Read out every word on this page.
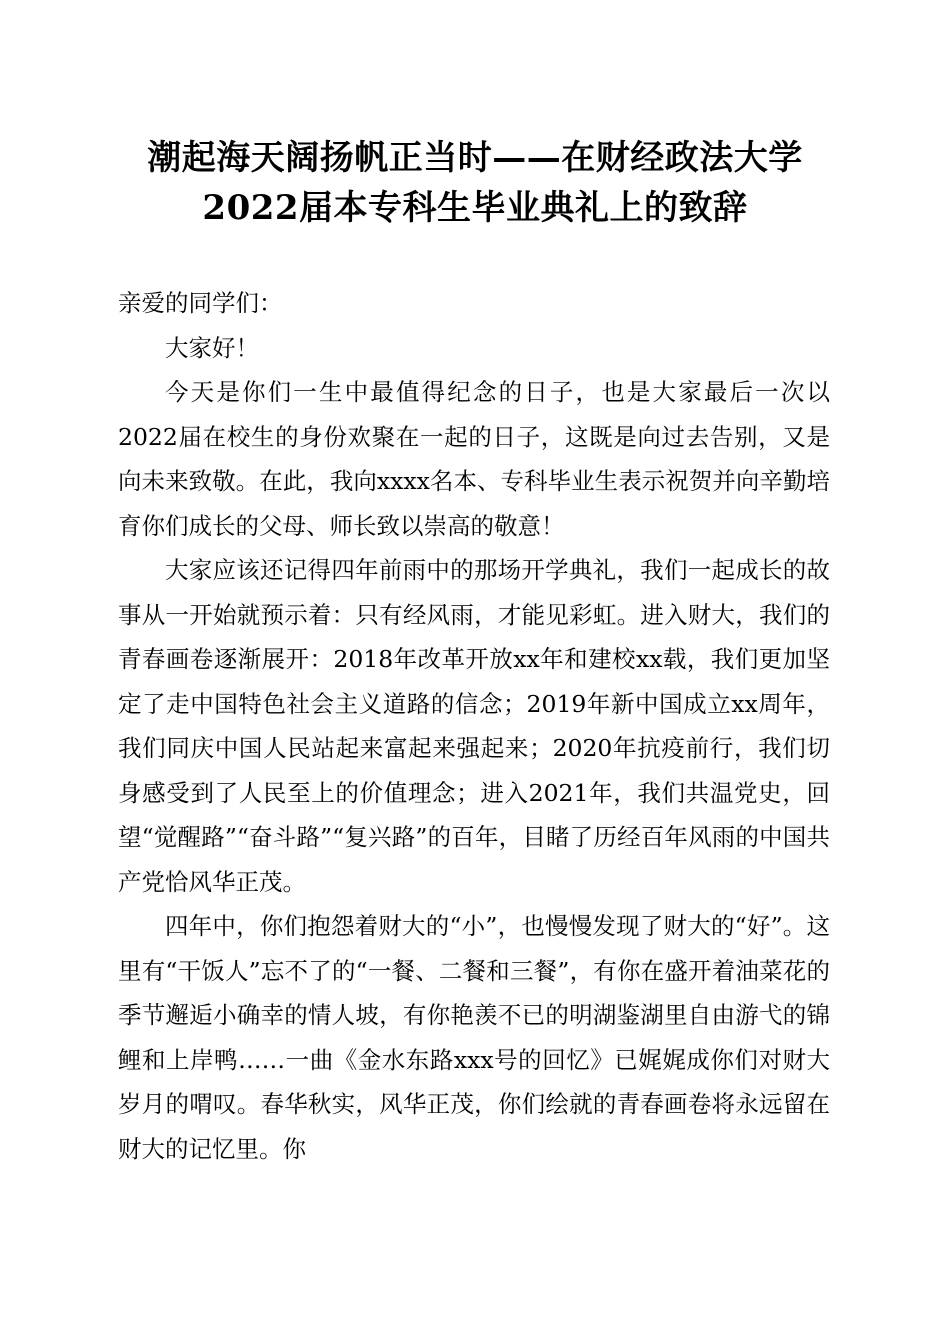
潮起海天阔扬帆正当时——在财经政法大学
2022届本专科生毕业典礼上的致辞

亲爱的同学们：

大家好！

今天是你们一生中最值得纪念的日子，也是大家最后一次以2022届在校生的身份欢聚在一起的日子，这既是向过去告别，又是向未来致敬。在此，我向xxxx名本、专科毕业生表示祝贺并向辛勤培育你们成长的父母、师长致以崇高的敬意！

大家应该还记得四年前雨中的那场开学典礼，我们一起成长的故事从一开始就预示着：只有经风雨，才能见彩虹。进入财大，我们的青春画卷逐渐展开：2018年改革开放xx年和建校xx载，我们更加坚定了走中国特色社会主义道路的信念；2019年新中国成立xx周年，我们同庆中国人民站起来富起来强起来；2020年抗疫前行，我们切身感受到了人民至上的价值理念；进入2021年，我们共温党史，回望“觉醒路”“奋斗路”“复兴路”的百年，目睹了历经百年风雨的中国共产党恰风华正茂。

四年中，你们抱怨着财大的“小”，也慢慢发现了财大的“好”。这里有“干饭人”忘不了的“一餐、二餐和三餐”，有你在盛开着油菜花的季节邂逅小确幸的情人坡，有你艳羡不已的明湖鉴湖里自由游弋的锦鲤和上岸鸭……一曲《金水东路xxx号的回忆》已娓娓成你们对财大岁月的喟叹。春华秋实，风华正茂，你们绘就的青春画卷将永远留在财大的记忆里。你
